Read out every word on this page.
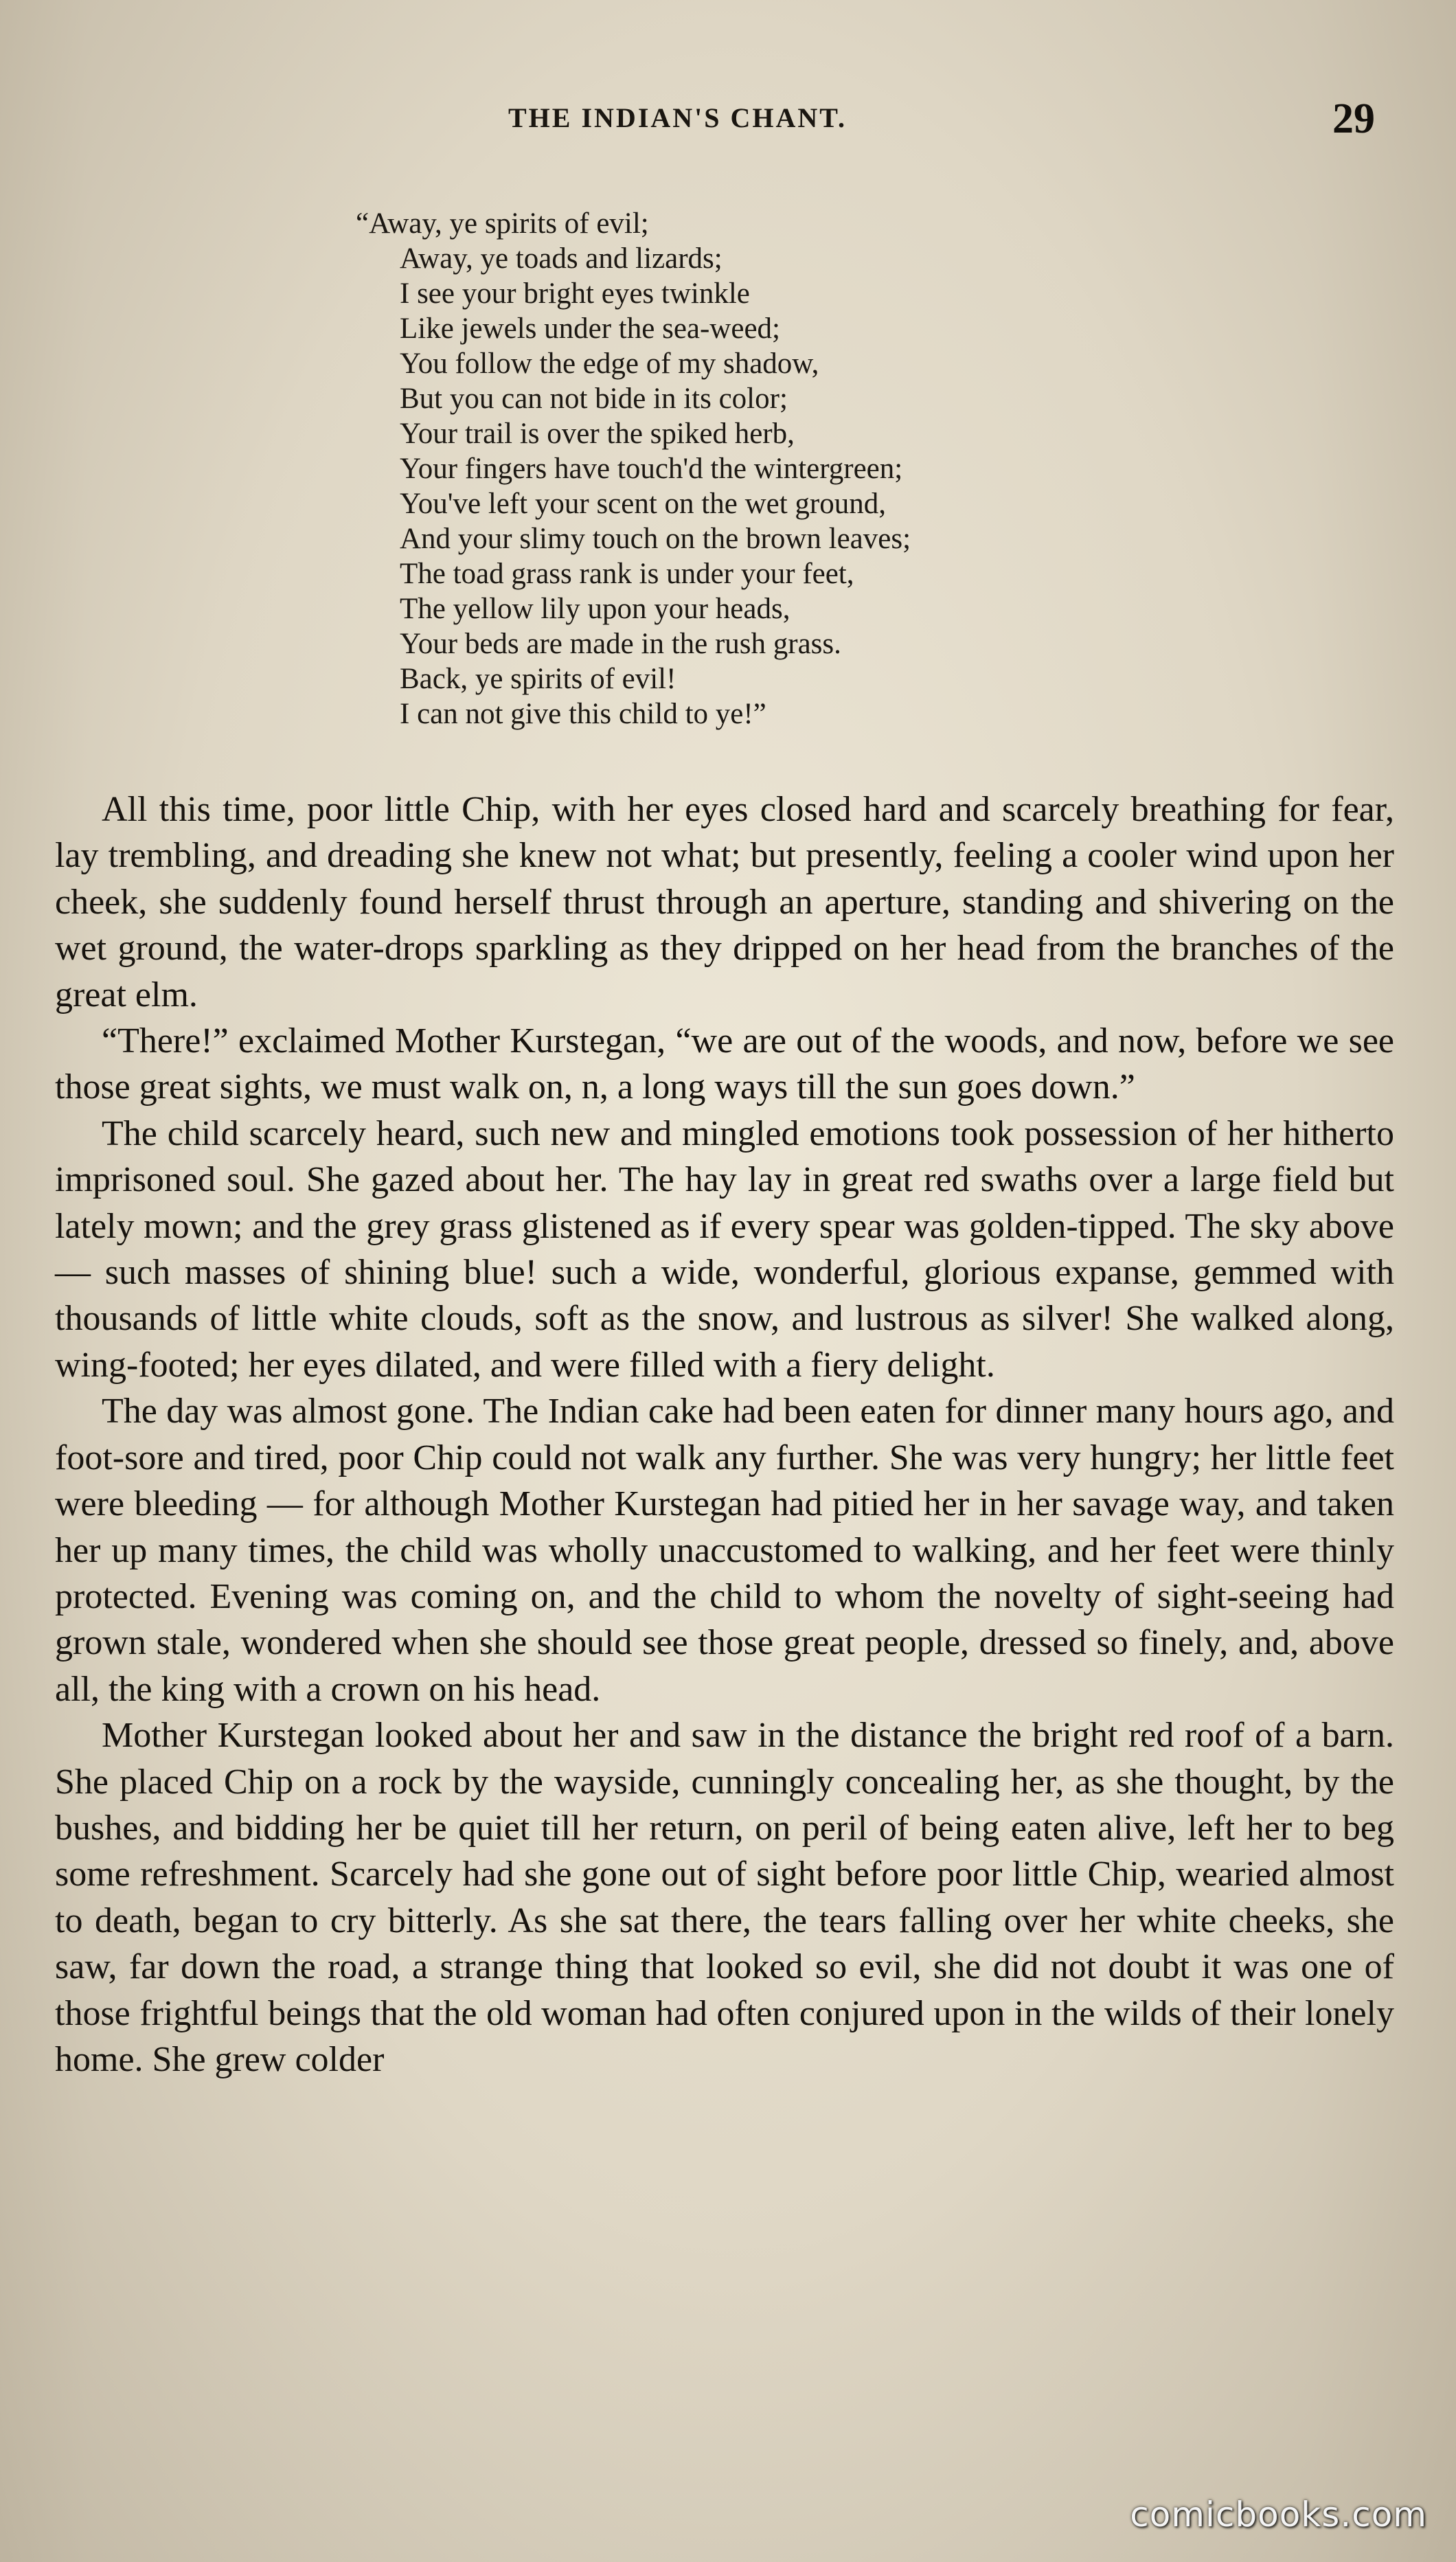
THE INDIAN'S CHANT.	29
“Away, ye spirits of evil;
Away, ye toads and lizards;
I see your bright eyes twinkle
Like jewels under the sea-weed;
You follow the edge of my shadow,
But you can not bide in its color;
Your trail is over the spiked herb,
Your fingers have touch'd the wintergreen;
You've left your scent on the wet ground,
And your slimy touch on the brown leaves;
The toad grass rank is under your feet,
The yellow lily upon your heads,
Your beds are made in the rush grass.
Back, ye spirits of evil!
I can not give this child to ye!”

All this time, poor little Chip, with her eyes closed hard and scarcely breathing for fear, lay trembling, and dreading she knew not what; but presently, feeling a cooler wind upon her cheek, she suddenly found herself thrust through an aperture, standing and shivering on the wet ground, the water-drops sparkling as they dripped on her head from the branches of the great elm.

“There!” exclaimed Mother Kurstegan, “we are out of the woods, and now, before we see those great sights, we must walk on, n, a long ways till the sun goes down.”

The child scarcely heard, such new and mingled emotions took possession of her hitherto imprisoned soul. She gazed about her. The hay lay in great red swaths over a large field but lately mown; and the grey grass glistened as if every spear was golden-tipped. The sky above — such masses of shining blue! such a wide, wonderful, glorious expanse, gemmed with thousands of little white clouds, soft as the snow, and lustrous as silver! She walked along, wing-footed; her eyes dilated, and were filled with a fiery delight.

The day was almost gone. The Indian cake had been eaten for dinner many hours ago, and foot-sore and tired, poor Chip could not walk any further. She was very hungry; her little feet were bleeding — for although Mother Kurstegan had pitied her in her savage way, and taken her up many times, the child was wholly unaccustomed to walking, and her feet were thinly protected. Evening was coming on, and the child to whom the novelty of sight-seeing had grown stale, wondered when she should see those great people, dressed so finely, and, above all, the king with a crown on his head.

Mother Kurstegan looked about her and saw in the distance the bright red roof of a barn. She placed Chip on a rock by the wayside, cunningly concealing her, as she thought, by the bushes, and bidding her be quiet till her return, on peril of being eaten alive, left her to beg some refreshment. Scarcely had she gone out of sight before poor little Chip, wearied almost to death, began to cry bitterly. As she sat there, the tears falling over her white cheeks, she saw, far down the road, a strange thing that looked so evil, she did not doubt it was one of those frightful beings that the old woman had often conjured upon in the wilds of their lonely home. She grew colder

comicbooks.com
